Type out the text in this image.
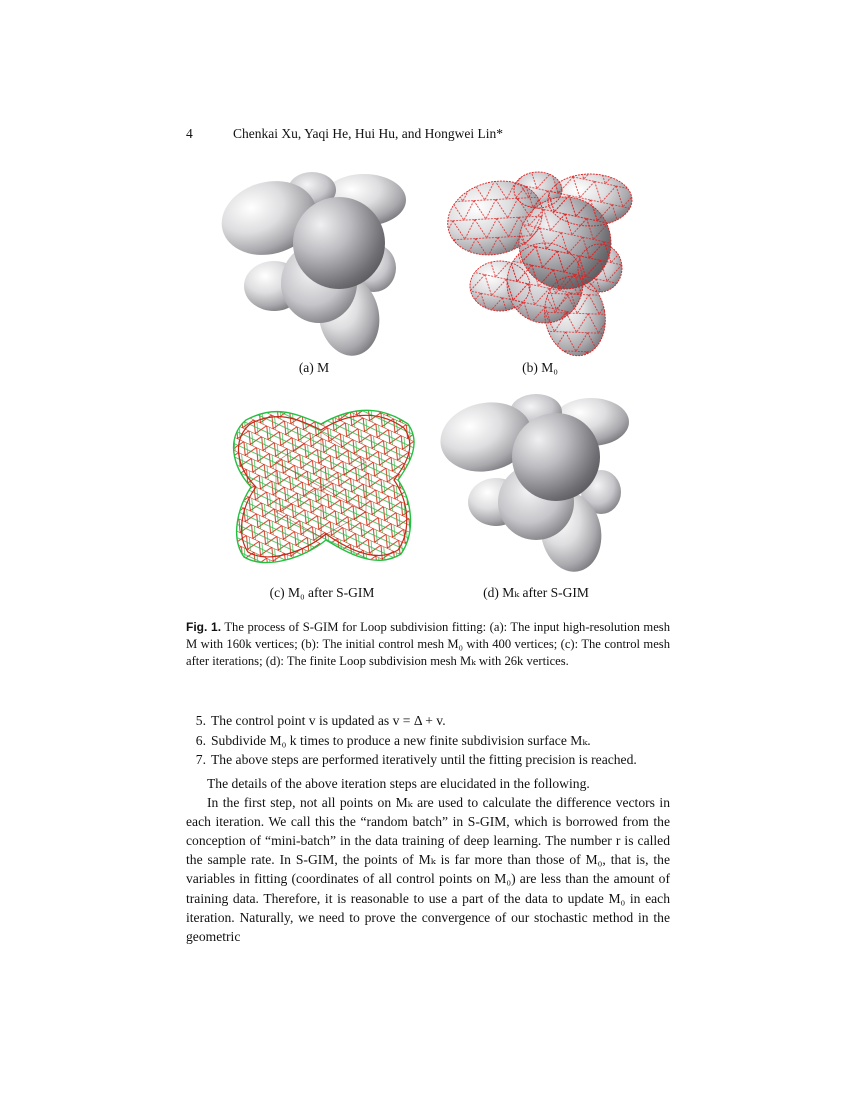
4	Chenkai Xu, Yaqi He, Hui Hu, and Hongwei Lin*
(a) M	(b) M₀
(c) M₀ after S-GIM	(d) Mₖ after S-GIM
Fig. 1. The process of S-GIM for Loop subdivision fitting: (a): The input high-resolution mesh M with 160k vertices; (b): The initial control mesh M₀ with 400 vertices; (c): The control mesh after iterations; (d): The finite Loop subdivision mesh Mₖ with 26k vertices.
5. The control point v is updated as v = Δ + v.
6. Subdivide M₀ k times to produce a new finite subdivision surface Mₖ.
7. The above steps are performed iteratively until the fitting precision is reached.

The details of the above iteration steps are elucidated in the following.

In the first step, not all points on Mₖ are used to calculate the difference vectors in each iteration. We call this the “random batch” in S-GIM, which is borrowed from the conception of “mini-batch” in the data training of deep learning. The number r is called the sample rate. In S-GIM, the points of Mₖ is far more than those of M₀, that is, the variables in fitting (coordinates of all control points on M₀) are less than the amount of training data. Therefore, it is reasonable to use a part of the data to update M₀ in each iteration. Naturally, we need to prove the convergence of our stochastic method in the geometric
